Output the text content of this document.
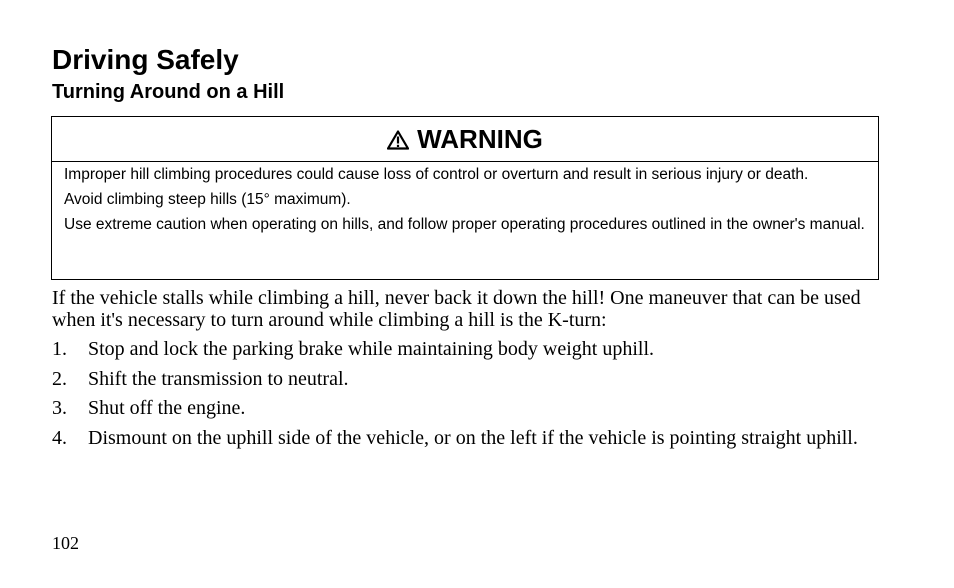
Driving Safely
Turning Around on a Hill
WARNING

Improper hill climbing procedures could cause loss of control or overturn and result in serious injury or death.

Avoid climbing steep hills (15° maximum).

Use extreme caution when operating on hills, and follow proper operating procedures outlined in the owner's manual.

If the vehicle stalls while climbing a hill, never back it down the hill! One maneuver that can be used when it's necessary to turn around while climbing a hill is the K-turn:

1.	Stop and lock the parking brake while maintaining body weight uphill.
2.	Shift the transmission to neutral.
3.	Shut off the engine.
4.	Dismount on the uphill side of the vehicle, or on the left if the vehicle is pointing straight uphill.

102
